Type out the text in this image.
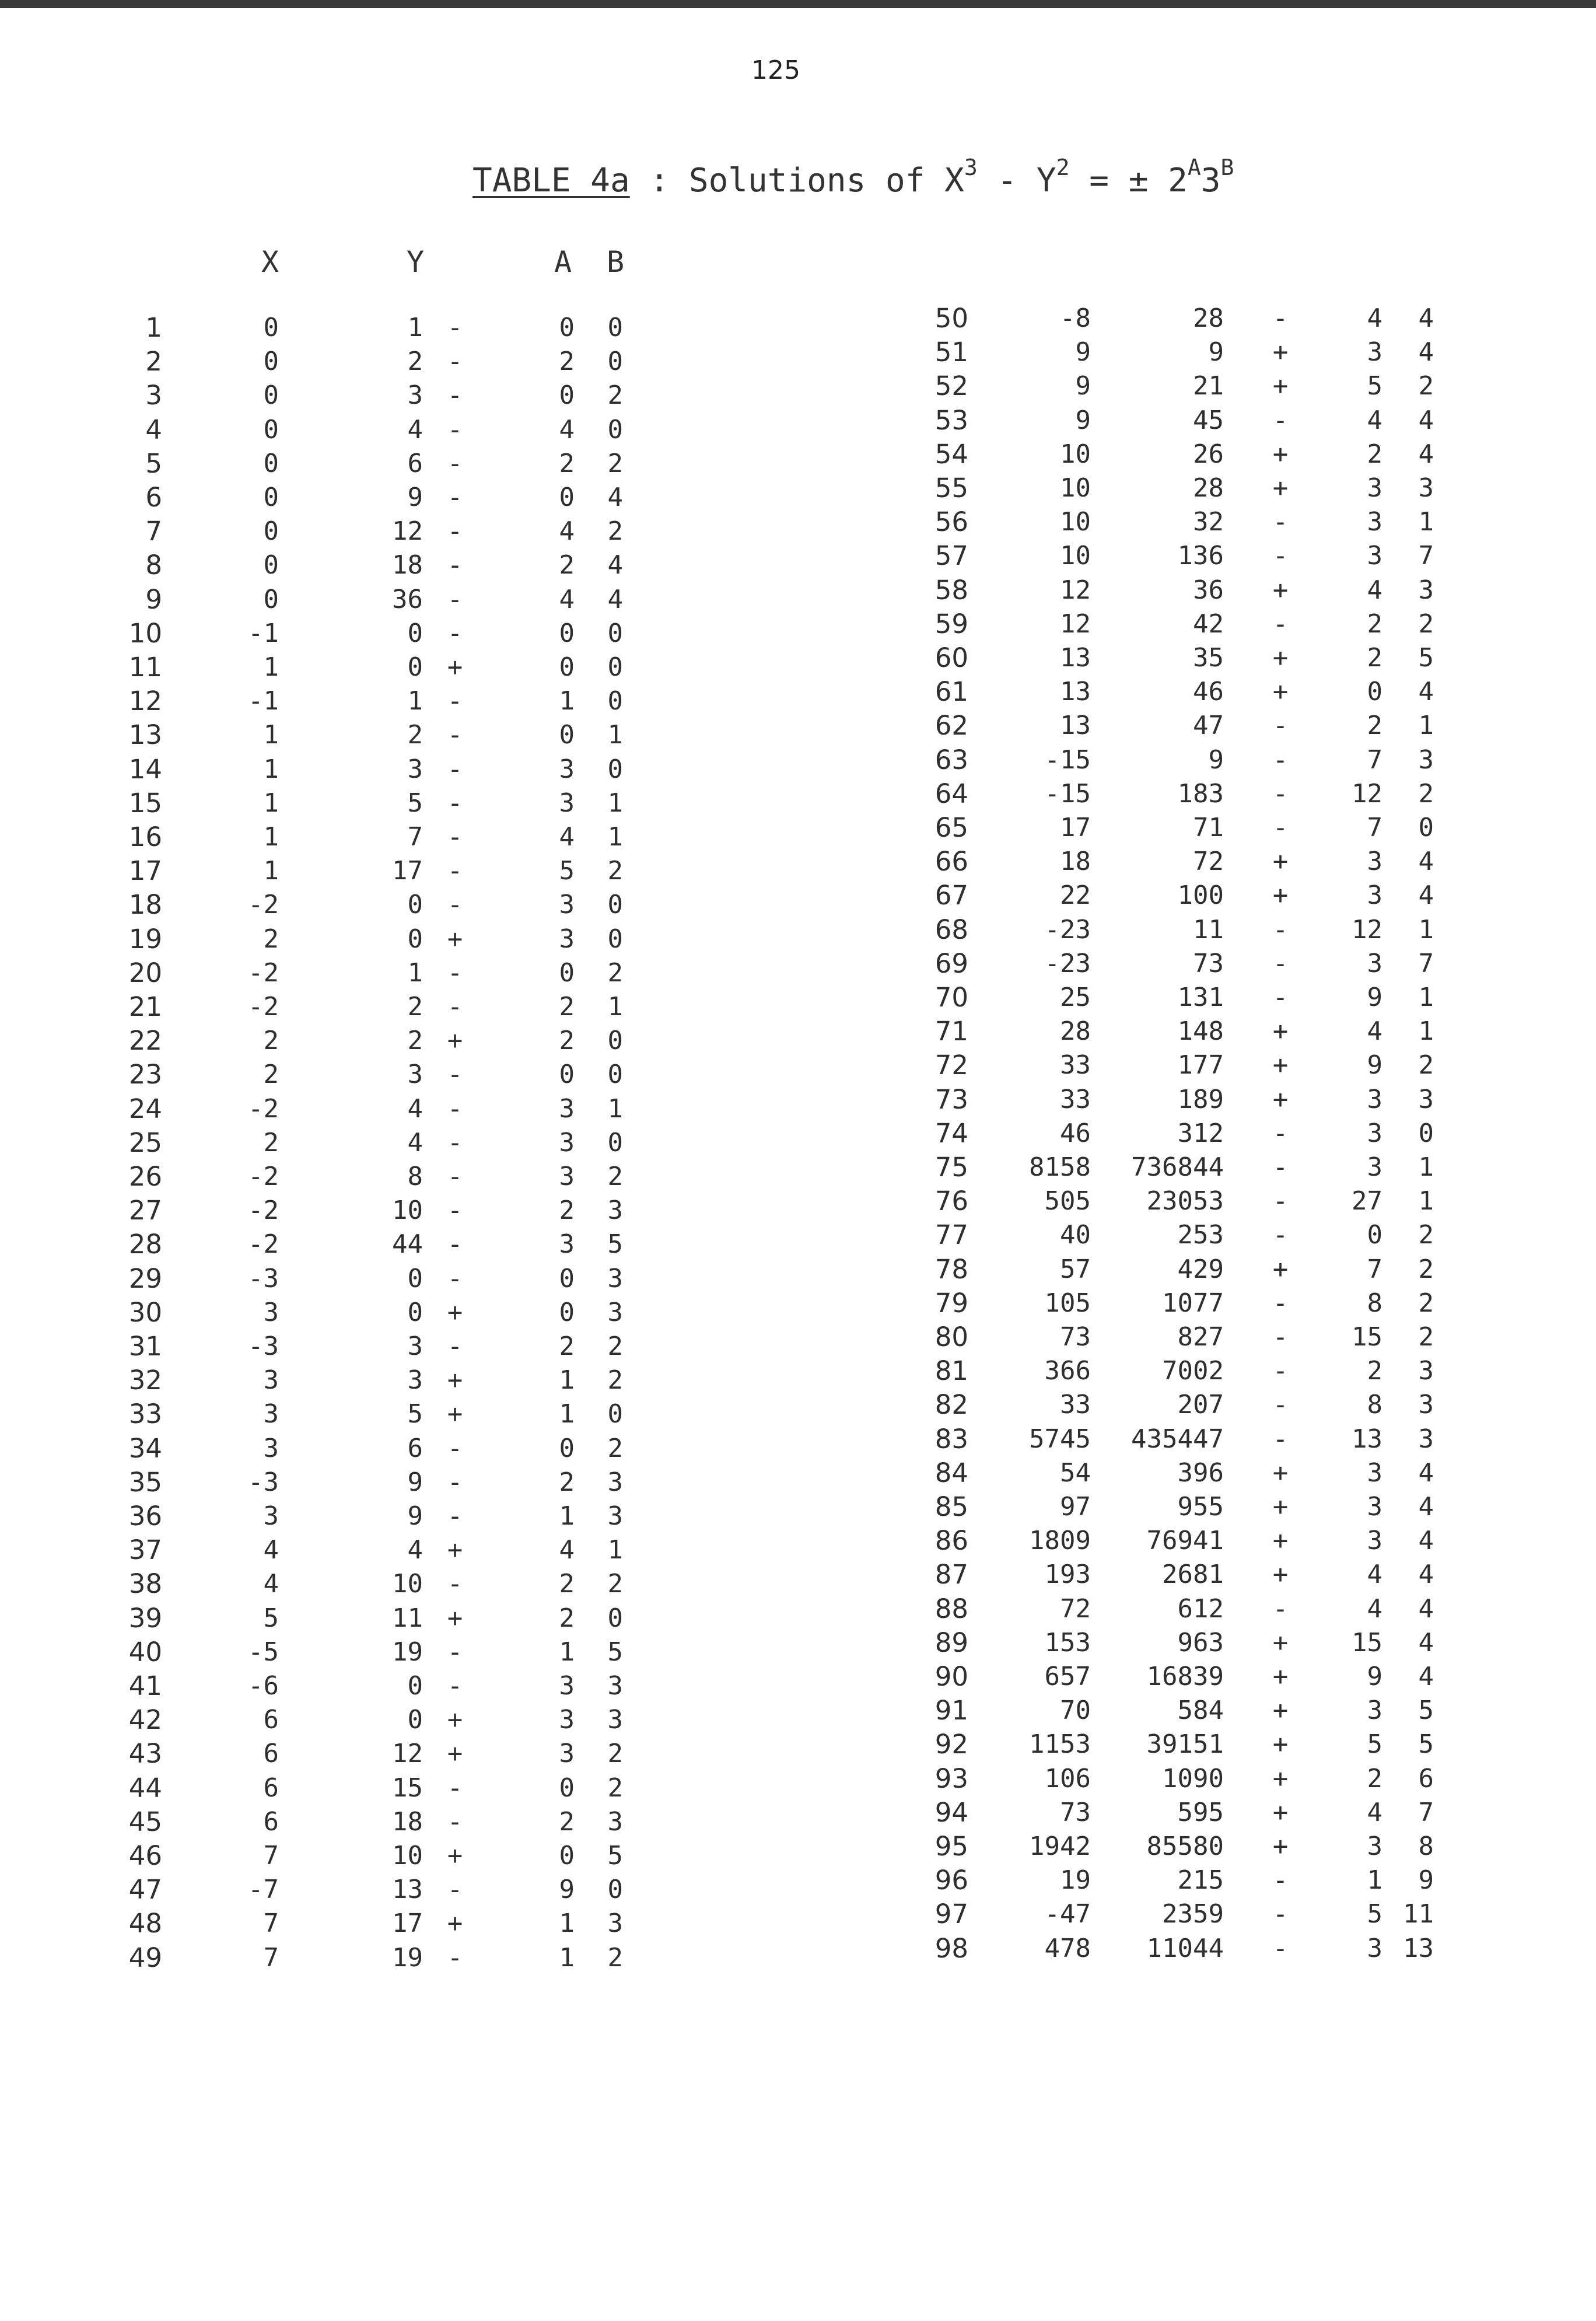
125
TABLE 4a : Solutions of $X^3 - Y^2$ = ± $2^A3^B$
X	Y	A B
1	0	1 -	0	0
2	0	2 -	2	0
3	0	3 -	0	2
4	0	4 -	4	0
5	0	6 -	2	2
6	0	9 -	0	4
7	0	12 -	4	2
8	0	18 -	2	4
9	0	36 -	4	4
10	-1	0 -	0	0
11	1	0 +	0	0
12	-1	1 -	1	0
13	1	2 -	0	1
14	1	3 -	3	0
15	1	5 -	3	1
16	1	7 -	4	1
17	1	17 -	5	2
18	-2	0 -	3	0
19	2	0 +	3	0
20	-2	1 -	0	2
21	-2	2 -	2	1
22	2	2 +	2	0
23	2	3 -	0	0
24	-2	4 -	3	1
25	2	4 -	3	0
26	-2	8 -	3	2
27	-2	10 -	2	3
28	-2	44 -	3	5
29	-3	0 -	0	3
30	3	0 +	0	3
31	-3	3 -	2	2
32	3	3 +	1	2
33	3	5 +	1	0
34	3	6 -	0	2
35	-3	9 -	2	3
36	3	9 -	1	3
37	4	4 +	4	1
38	4	10 -	2	2
39	5	11 +	2	0
40	-5	19 -	1	5
41	-6	0 -	3	3
42	6	0 +	3	3
43	6	12 +	3	2
44	6	15 -	0	2
45	6	18 -	2	3
46	7	10 +	0	5
47	-7	13 -	9	0
48	7	17 +	1	3
49	7	19 -	1	2
50	-8	28 -	4	4
51	9	9 +	3	4
52	9	21 +	5	2
53	9	45 -	4	4
54	10	26 +	2	4
55	10	28 +	3	3
56	10	32 -	3	1
57	10	136 -	3	7
58	12	36 +	4	3
59	12	42 -	2	2
60	13	35 +	2	5
61	13	46 +	0	4
62	13	47 -	2	1
63	-15	9 -	7	3
64	-15	183 -	12	2
65	17	71 -	7	0
66	18	72 +	3	4
67	22	100 +	3	4
68	-23	11 -	12	1
69	-23	73 -	3	7
70	25	131 -	9	1
71	28	148 +	4	1
72	33	177 +	9	2
73	33	189 +	3	3
74	46	312 -	3	0
75	8158	736844 -	3	1
76	505	23053 -	27	1
77	40	253 -	0	2
78	57	429 +	7	2
79	105	1077 -	8	2
80	73	827 -	15	2
81	366	7002 -	2	3
82	33	207 -	8	3
83	5745	435447 -	13	3
84	54	396 +	3	4
85	97	955 +	3	4
86	1809	76941 +	3	4
87	193	2681 +	4	4
88	72	612 -	4	4
89	153	963 +	15	4
90	657	16839 +	9	4
91	70	584 +	3	5
92	1153	39151 +	5	5
93	106	1090 +	2	6
94	73	595 +	4	7
95	1942	85580 +	3	8
96	19	215 -	1	9
97	-47	2359 -	5 11
98	478	11044 -	3 13
